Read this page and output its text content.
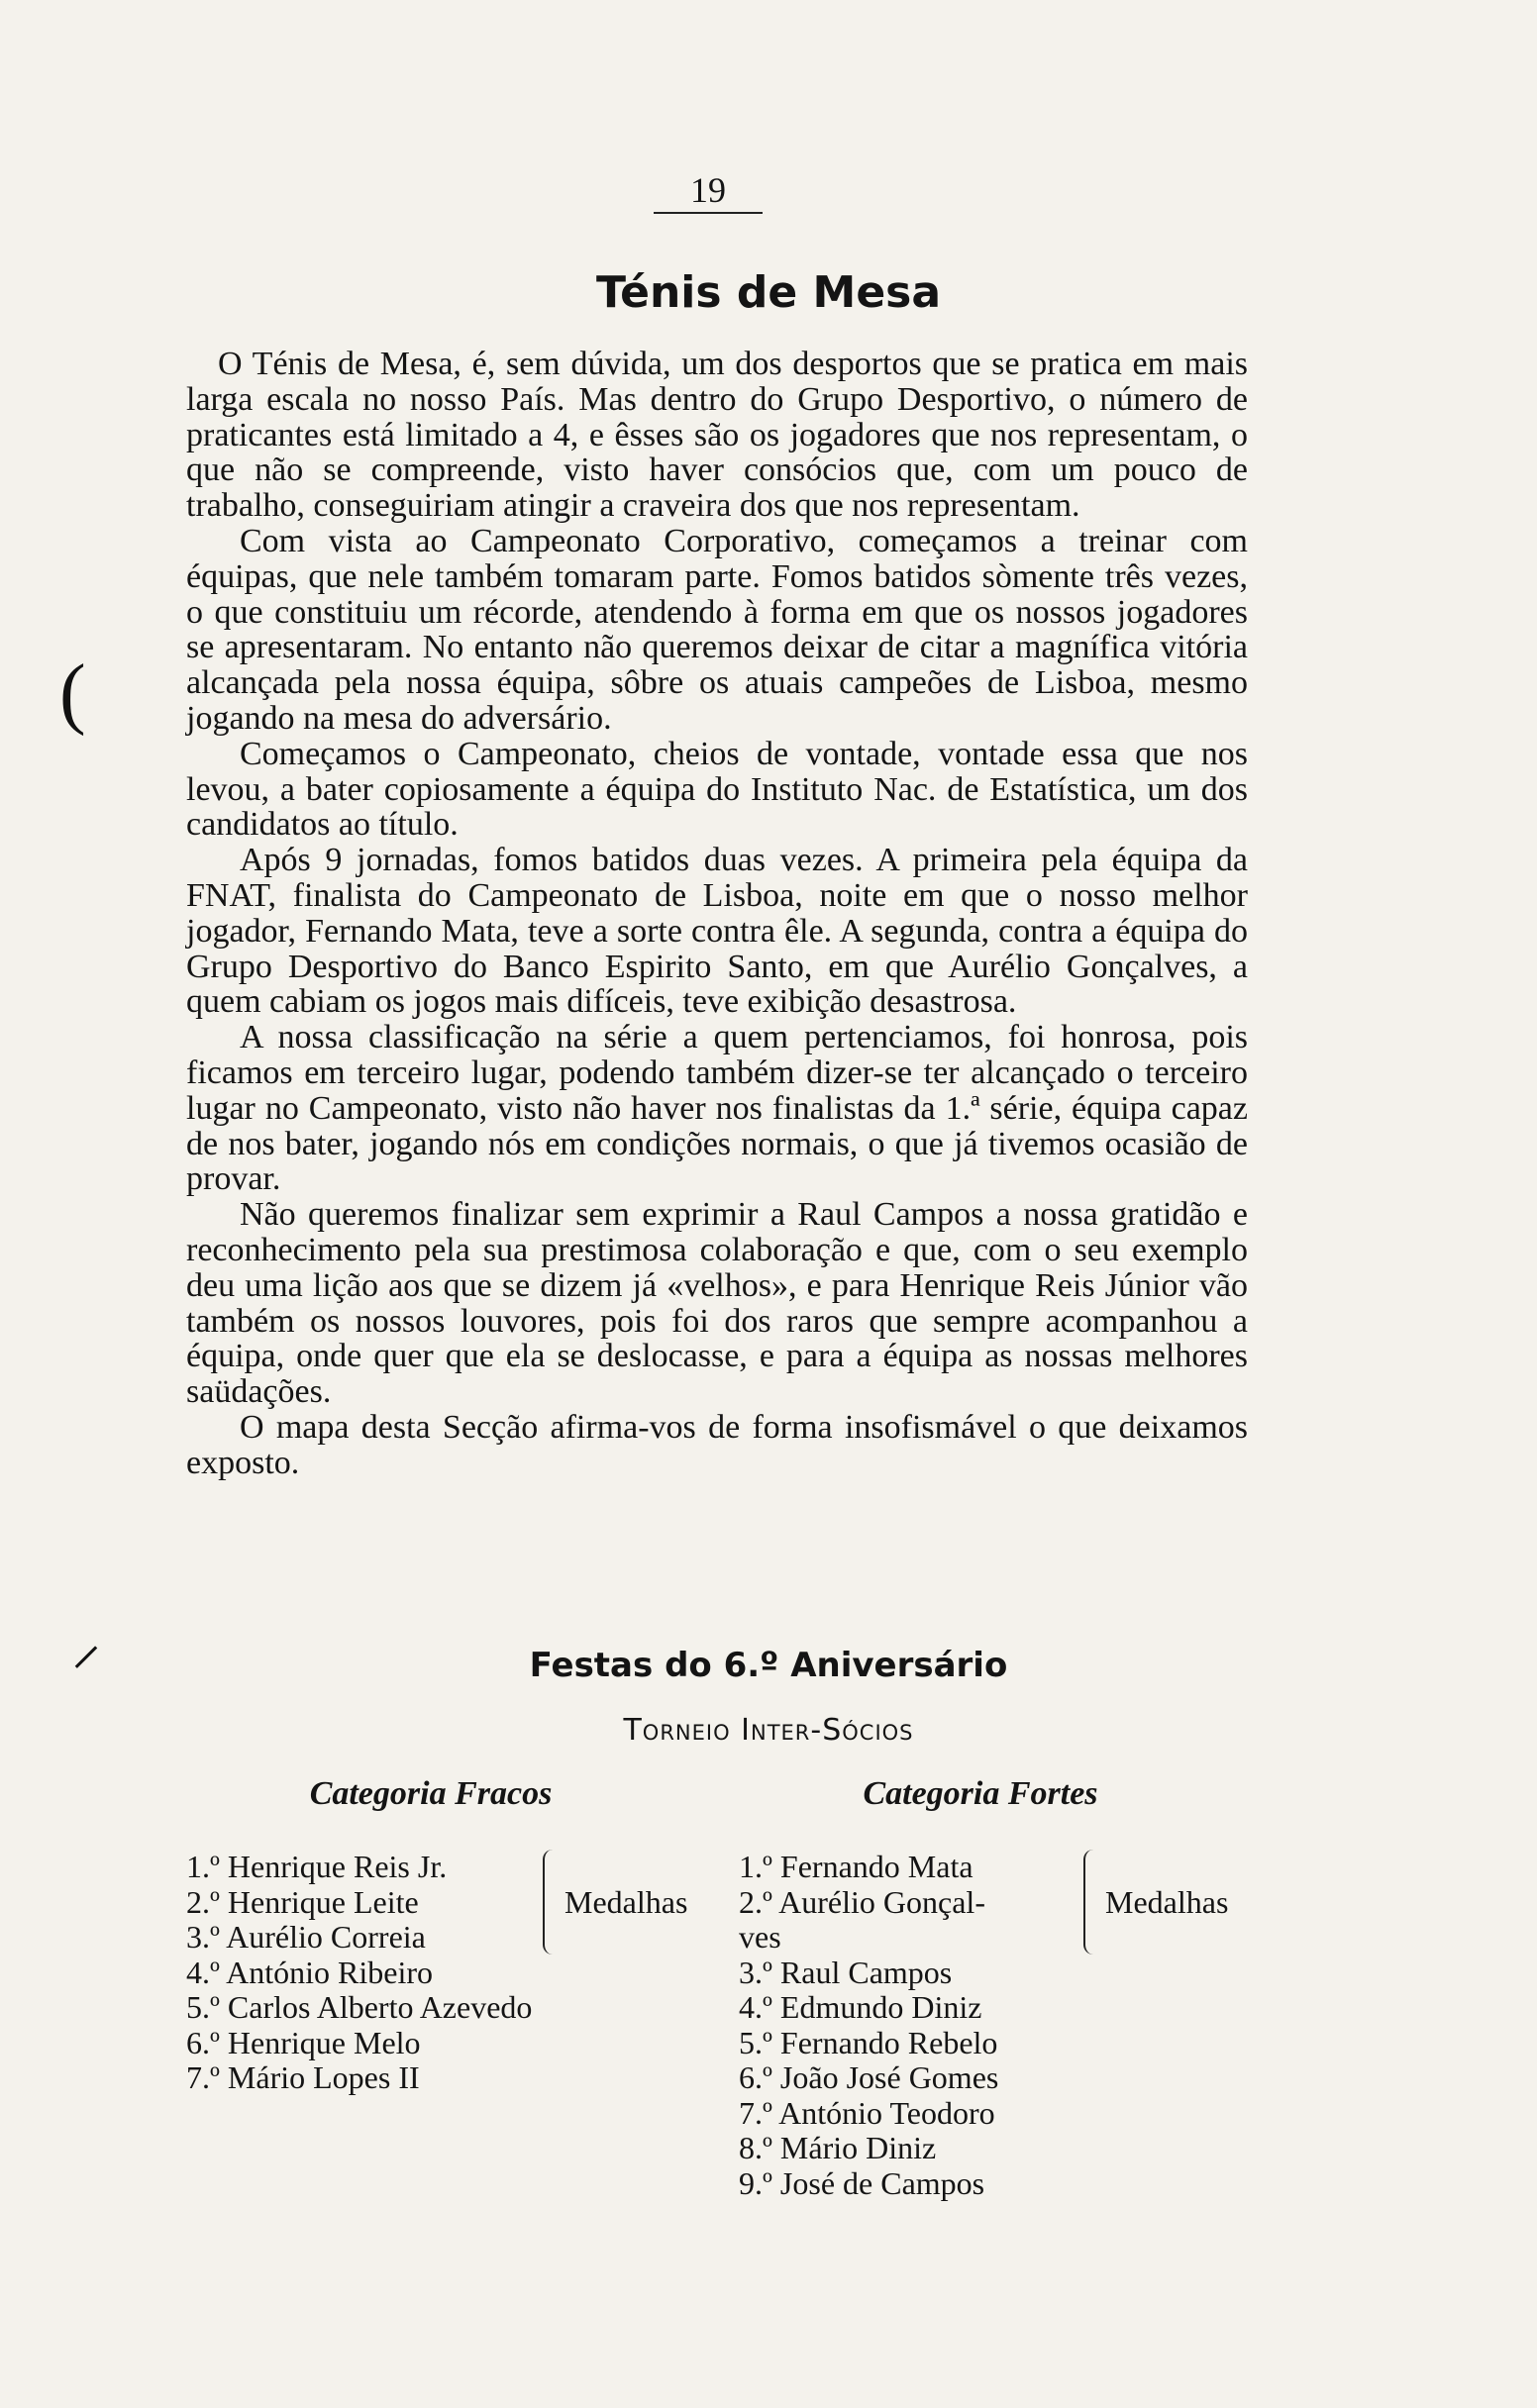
19
Ténis de Mesa
(
⸝

O Ténis de Mesa, é, sem dúvida, um dos desportos que se pratica em mais larga escala no nosso País. Mas dentro do Grupo Desportivo, o número de praticantes está limitado a 4, e êsses são os jogadores que nos representam, o que não se compreende, visto haver consócios que, com um pouco de trabalho, conseguiriam atingir a craveira dos que nos representam.

Com vista ao Campeonato Corporativo, começamos a treinar com équipas, que nele também tomaram parte. Fomos batidos sòmente três vezes, o que constituiu um récorde, atendendo à forma em que os nossos jogadores se apresentaram. No entanto não queremos deixar de citar a magnífica vitória alcançada pela nossa équipa, sôbre os atuais campeões de Lisboa, mesmo jogando na mesa do adversário.

Começamos o Campeonato, cheios de vontade, vontade essa que nos levou, a bater copiosamente a équipa do Instituto Nac. de Estatística, um dos candidatos ao título.

Após 9 jornadas, fomos batidos duas vezes. A primeira pela équipa da FNAT, finalista do Campeonato de Lisboa, noite em que o nosso melhor jogador, Fernando Mata, teve a sorte contra êle. A segunda, contra a équipa do Grupo Desportivo do Banco Espirito Santo, em que Aurélio Gonçalves, a quem cabiam os jogos mais difíceis, teve exibição desastrosa.

A nossa classificação na série a quem pertenciamos, foi honrosa, pois ficamos em terceiro lugar, podendo também dizer-se ter alcançado o terceiro lugar no Campeonato, visto não haver nos finalistas da 1.ª série, équipa capaz de nos bater, jogando nós em condições normais, o que já tivemos ocasião de provar.

Não queremos finalizar sem exprimir a Raul Campos a nossa gratidão e reconhecimento pela sua prestimosa colaboração e que, com o seu exemplo deu uma lição aos que se dizem já «velhos», e para Henrique Reis Júnior vão também os nossos louvores, pois foi dos raros que sempre acompanhou a équipa, onde quer que ela se deslocasse, e para a équipa as nossas melhores saüdações.

O mapa desta Secção afirma-vos de forma insofismável o que deixamos exposto.

Festas do 6.º Aniversário
Torneio Inter-Sócios
Categoria Fracos	Categoria Fortes
1.º Henrique Reis Jr.
2.º Henrique Leite
3.º Aurélio Correia
4.º António Ribeiro
5.º Carlos Alberto Azevedo
6.º Henrique Melo
7.º Mário Lopes II
Medalhas
1.º Fernando Mata
2.º Aurélio Gonçal-
ves
3.º Raul Campos
4.º Edmundo Diniz
5.º Fernando Rebelo
6.º João José Gomes
7.º António Teodoro
8.º Mário Diniz
9.º José de Campos
Medalhas
